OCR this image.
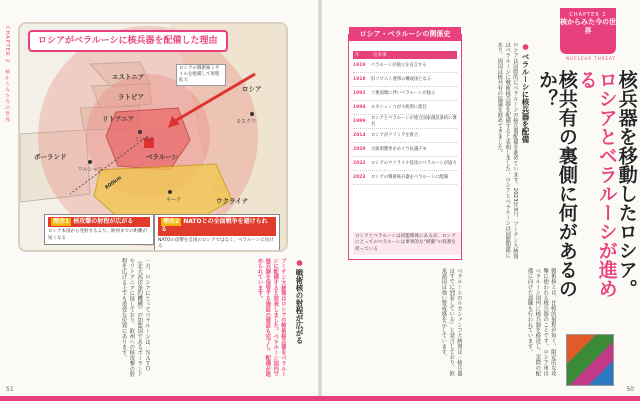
CHAPTER 2
核からみた今の世界	エストニア
ラトビア
リトアニア
ポーランド	ベラルーシ
ロシア
ウクライナ
モスクワ
ミンスク
キーウ
ワルシャワ
ロシアの戦術核ミサイルを配備して射程拡大
800km
理由1 核攻撃の射程が広がる
ロシア本国から発射するより、欧州までの距離が短くなる
理由2 NATOとの全面戦争を避けられる
NATOの攻撃を自国のロシアではなく、ベラルーシに向ける
ロシアがベラルーシに核兵器を配備した理由
一方、ロシアにとってベラルーシは、ＮＡＴＯ（北大西洋条約機構）の加盟国であるポーランドやリトアニアに接しており、欧州への核攻撃の射程を広げる上でも重要な位置にあります。	プーチン大統領はロシアの戦術核兵器をベラルーシに配備すると発表しました。ベラルーシ国内で核兵器を保管する施設の建設も完了し、配備が進められています。
●	戦術核の射程が広がる
51	50
ロシア・ベラルーシの関係史
年	出来事
1919	ベラルーシが独立を宣言する
1918	旧ソビエト連邦の構成国となる
1991	ソ連崩壊に伴いベラルーシが独立
1994	ルカシェンコが大統領に就任
1999
ロシアとベラルーシが連合国家創設条約に署名
2014	ロシアがクリミアを併合
2020	大統領選挙をめぐり抗議デモ
2022	ロシアのウクライナ侵攻にベラルーシが協力
2023	ロシアの戦術核兵器をベラルーシに配備
ロシアとベラルーシは同盟関係にあるが、ロシアにとってのベラルーシは軍事的な“緩衝”の役割を担っている
● ベラルーシに核兵器を配備
ロシアは国際的にベラルーシの核兵器配備を進めています。2023年3月、プーチン大統領はベラルーシに戦術核兵器を配備すると表明しました。ロシアとベラルーシは同盟関係にあり、両国は核共有の協議を進めてきました。
戦術核とは、比較的射程が短く、限定的な攻撃に使われる核兵器のことです。ロシア軍はベラルーシ国内に核兵器を移送し、実際の配備に向けた訓練も行われています。
ベラルーシのルカシェンコ大統領は「核兵器はすでに到着している」と発言しており、欧米諸国は強い警戒感を示しています。
CHAPTER 2
核からみた今の世界
NUCLEAR THREAT
核兵器を移動したロシア。
ロシアとベラルーシが進める
核共有の裏側に何があるのか？
